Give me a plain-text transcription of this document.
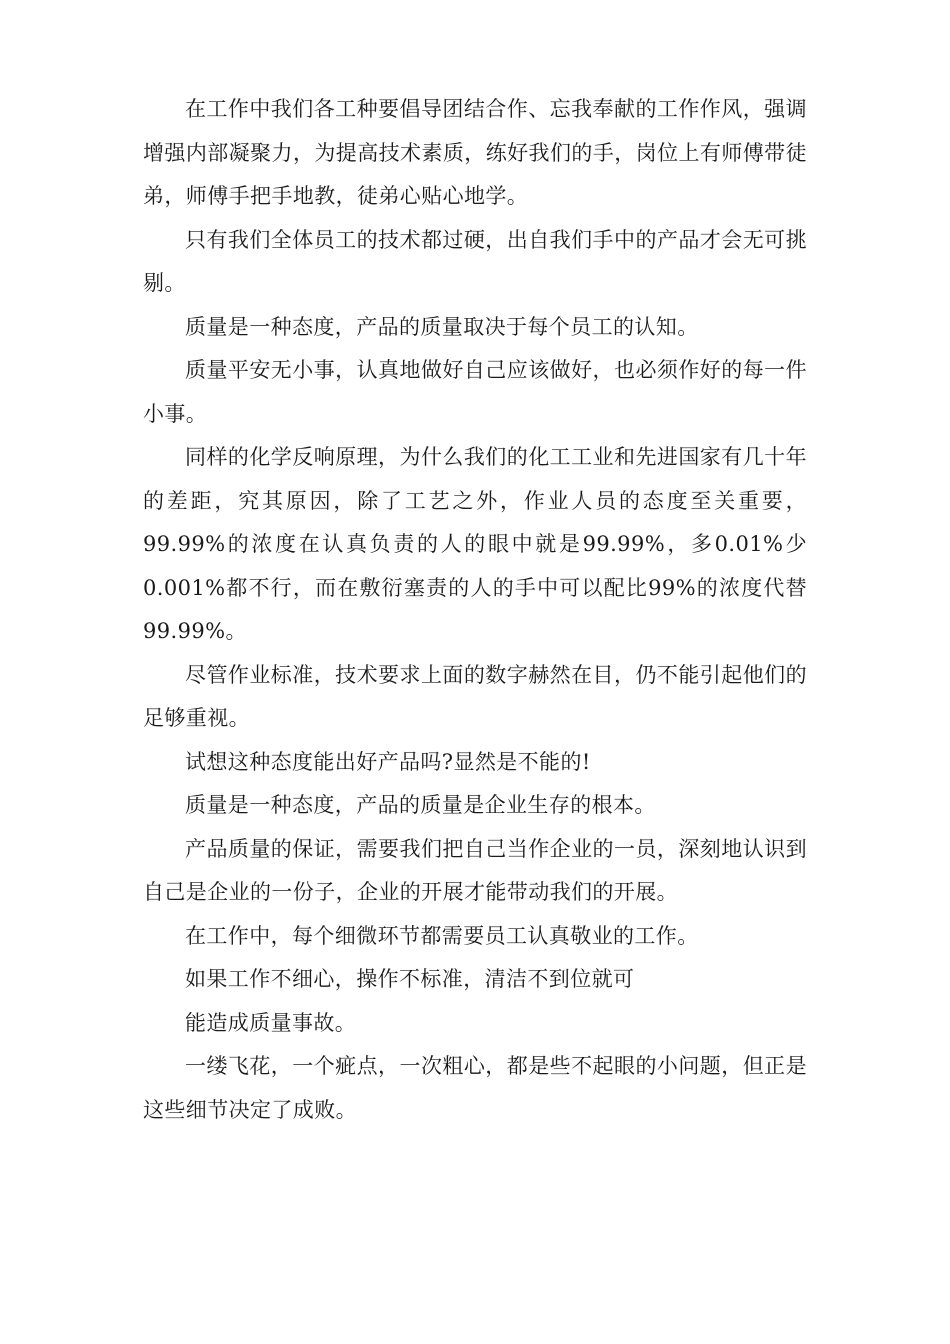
在工作中我们各工种要倡导团结合作、忘我奉献的工作作风，强调增强内部凝聚力，为提高技术素质，练好我们的手，岗位上有师傅带徒弟，师傅手把手地教，徒弟心贴心地学。

只有我们全体员工的技术都过硬，出自我们手中的产品才会无可挑剔。

质量是一种态度，产品的质量取决于每个员工的认知。

质量平安无小事，认真地做好自己应该做好，也必须作好的每一件小事。

同样的化学反响原理，为什么我们的化工工业和先进国家有几十年的差距，究其原因，除了工艺之外，作业人员的态度至关重要，99.99%的浓度在认真负责的人的眼中就是99.99%，多0.01%少0.001%都不行，而在敷衍塞责的人的手中可以配比99%的浓度代替99.99%。

尽管作业标准，技术要求上面的数字赫然在目，仍不能引起他们的足够重视。

试想这种态度能出好产品吗?显然是不能的!

质量是一种态度，产品的质量是企业生存的根本。

产品质量的保证，需要我们把自己当作企业的一员，深刻地认识到自己是企业的一份子，企业的开展才能带动我们的开展。

在工作中，每个细微环节都需要员工认真敬业的工作。

如果工作不细心，操作不标准，清洁不到位就可

能造成质量事故。

一缕飞花，一个疵点，一次粗心，都是些不起眼的小问题，但正是这些细节决定了成败。
